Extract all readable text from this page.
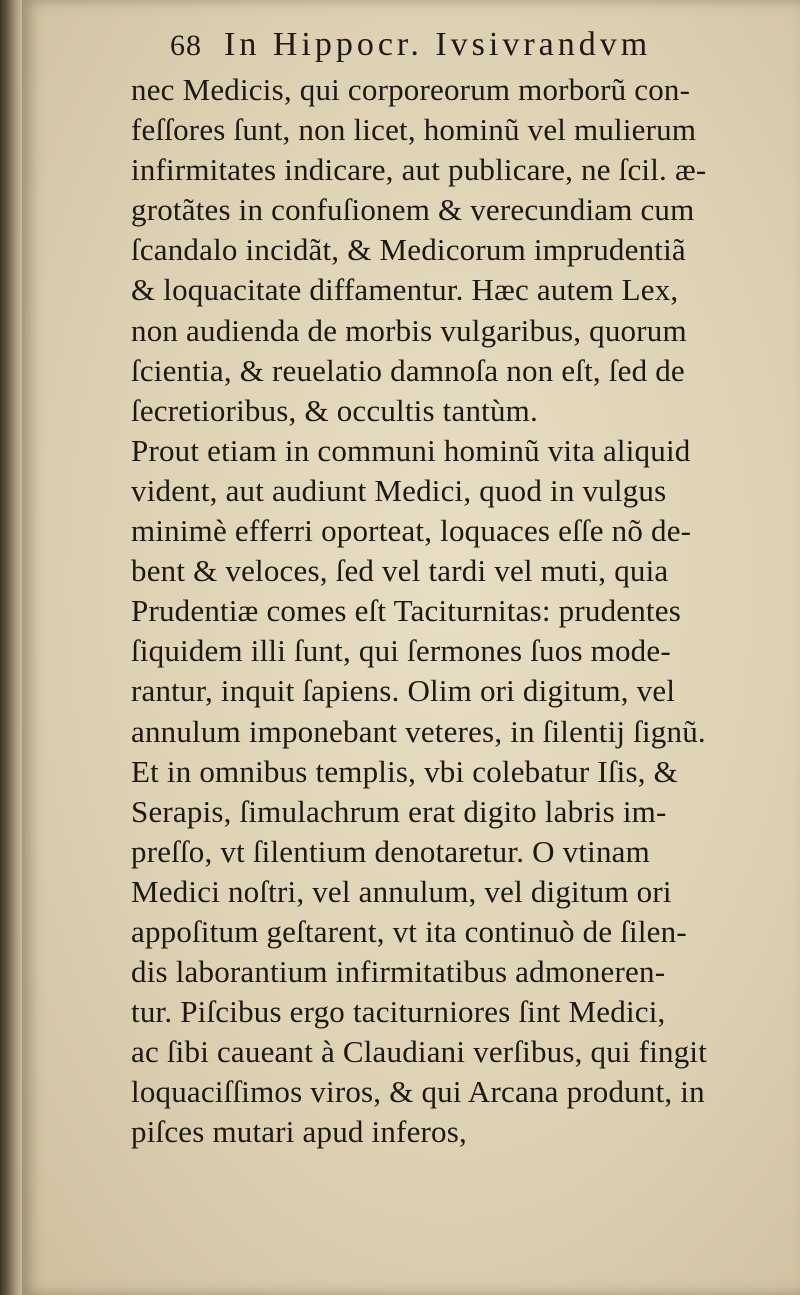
68 In Hippocr. Ivsivrandvm
nec Medicis, qui corporeorum morborũ con-
feſſores ſunt, non licet, hominũ vel mulierum
infirmitates indicare, aut publicare, ne ſcil. æ-
grotãtes in confuſionem & verecundiam cum
ſcandalo incidãt, & Medicorum imprudentiã
& loquacitate diffamentur. Hæc autem Lex,
non audienda de morbis vulgaribus, quorum
ſcientia, & reuelatio damnoſa non eſt, ſed de
ſecretioribus, & occultis tantùm.
Prout etiam in communi hominũ vita aliquid
vident, aut audiunt Medici, quod in vulgus
minimè efferri oporteat, loquaces eſſe nõ de-
bent & veloces, ſed vel tardi vel muti, quia
Prudentiæ comes eſt Taciturnitas: prudentes
ſiquidem illi ſunt, qui ſermones ſuos mode-
rantur, inquit ſapiens. Olim ori digitum, vel
annulum imponebant veteres, in ſilentij ſignũ.
Et in omnibus templis, vbi colebatur Iſis, &
Serapis, ſimulachrum erat digito labris im-
preſſo, vt ſilentium denotaretur. O vtinam
Medici noſtri, vel annulum, vel digitum ori
appoſitum geſtarent, vt ita continuò de ſilen-
dis laborantium infirmitatibus admoneren-
tur. Piſcibus ergo taciturniores ſint Medici,
ac ſibi caueant à Claudiani verſibus, qui fingit
loquaciſſimos viros, & qui Arcana produnt, in
piſces mutari apud inferos,
